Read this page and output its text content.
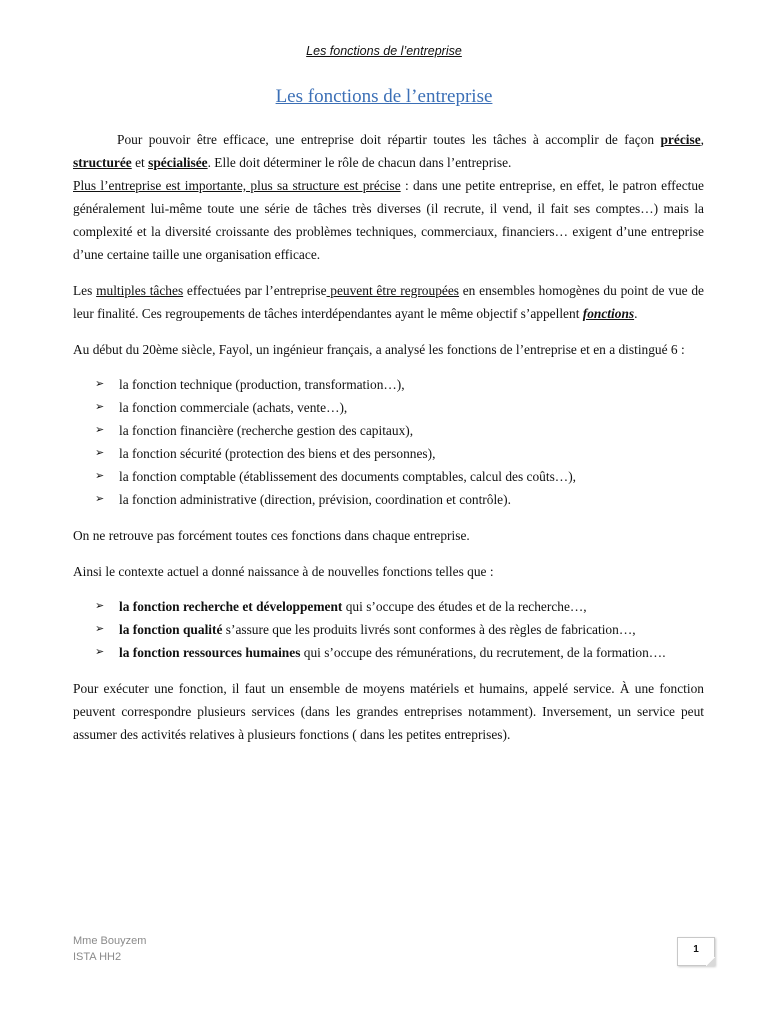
Les fonctions de l’entreprise
Les fonctions de l’entreprise

Pour pouvoir être efficace, une entreprise doit répartir toutes les tâches à accomplir de façon précise, structurée et spécialisée. Elle doit déterminer le rôle de chacun dans l’entreprise.

Plus l’entreprise est importante, plus sa structure est précise : dans une petite entreprise, en effet, le patron effectue généralement lui-même toute une série de tâches très diverses (il recrute, il vend, il fait ses comptes…) mais la complexité et la diversité croissante des problèmes techniques, commerciaux, financiers… exigent d’une entreprise d’une certaine taille une organisation efficace.

Les multiples tâches effectuées par l’entreprise peuvent être regroupées en ensembles homogènes du point de vue de leur finalité. Ces regroupements de tâches interdépendantes ayant le même objectif s’appellent fonctions.

Au début du 20ème siècle, Fayol, un ingénieur français, a analysé les fonctions de l’entreprise et en a distingué 6 :

➢ la fonction technique (production, transformation…),
➢ la fonction commerciale (achats, vente…),
➢ la fonction financière (recherche gestion des capitaux),
➢ la fonction sécurité (protection des biens et des personnes),
➢ la fonction comptable (établissement des documents comptables, calcul des coûts…),
➢ la fonction administrative (direction, prévision, coordination et contrôle).

On ne retrouve pas forcément toutes ces fonctions dans chaque entreprise.

Ainsi le contexte actuel a donné naissance à de nouvelles fonctions telles que :

➢ la fonction recherche et développement qui s’occupe des études et de la recherche…,
➢ la fonction qualité s’assure que les produits livrés sont conformes à des règles de fabrication…,
➢ la fonction ressources humaines qui s’occupe des rémunérations, du recrutement, de la formation….

Pour exécuter une fonction, il faut un ensemble de moyens matériels et humains, appelé service. À une fonction peuvent correspondre plusieurs services (dans les grandes entreprises notamment). Inversement, un service peut assumer des activités relatives à plusieurs fonctions ( dans les petites entreprises).

Mme Bouyzem
ISTA HH2
1
